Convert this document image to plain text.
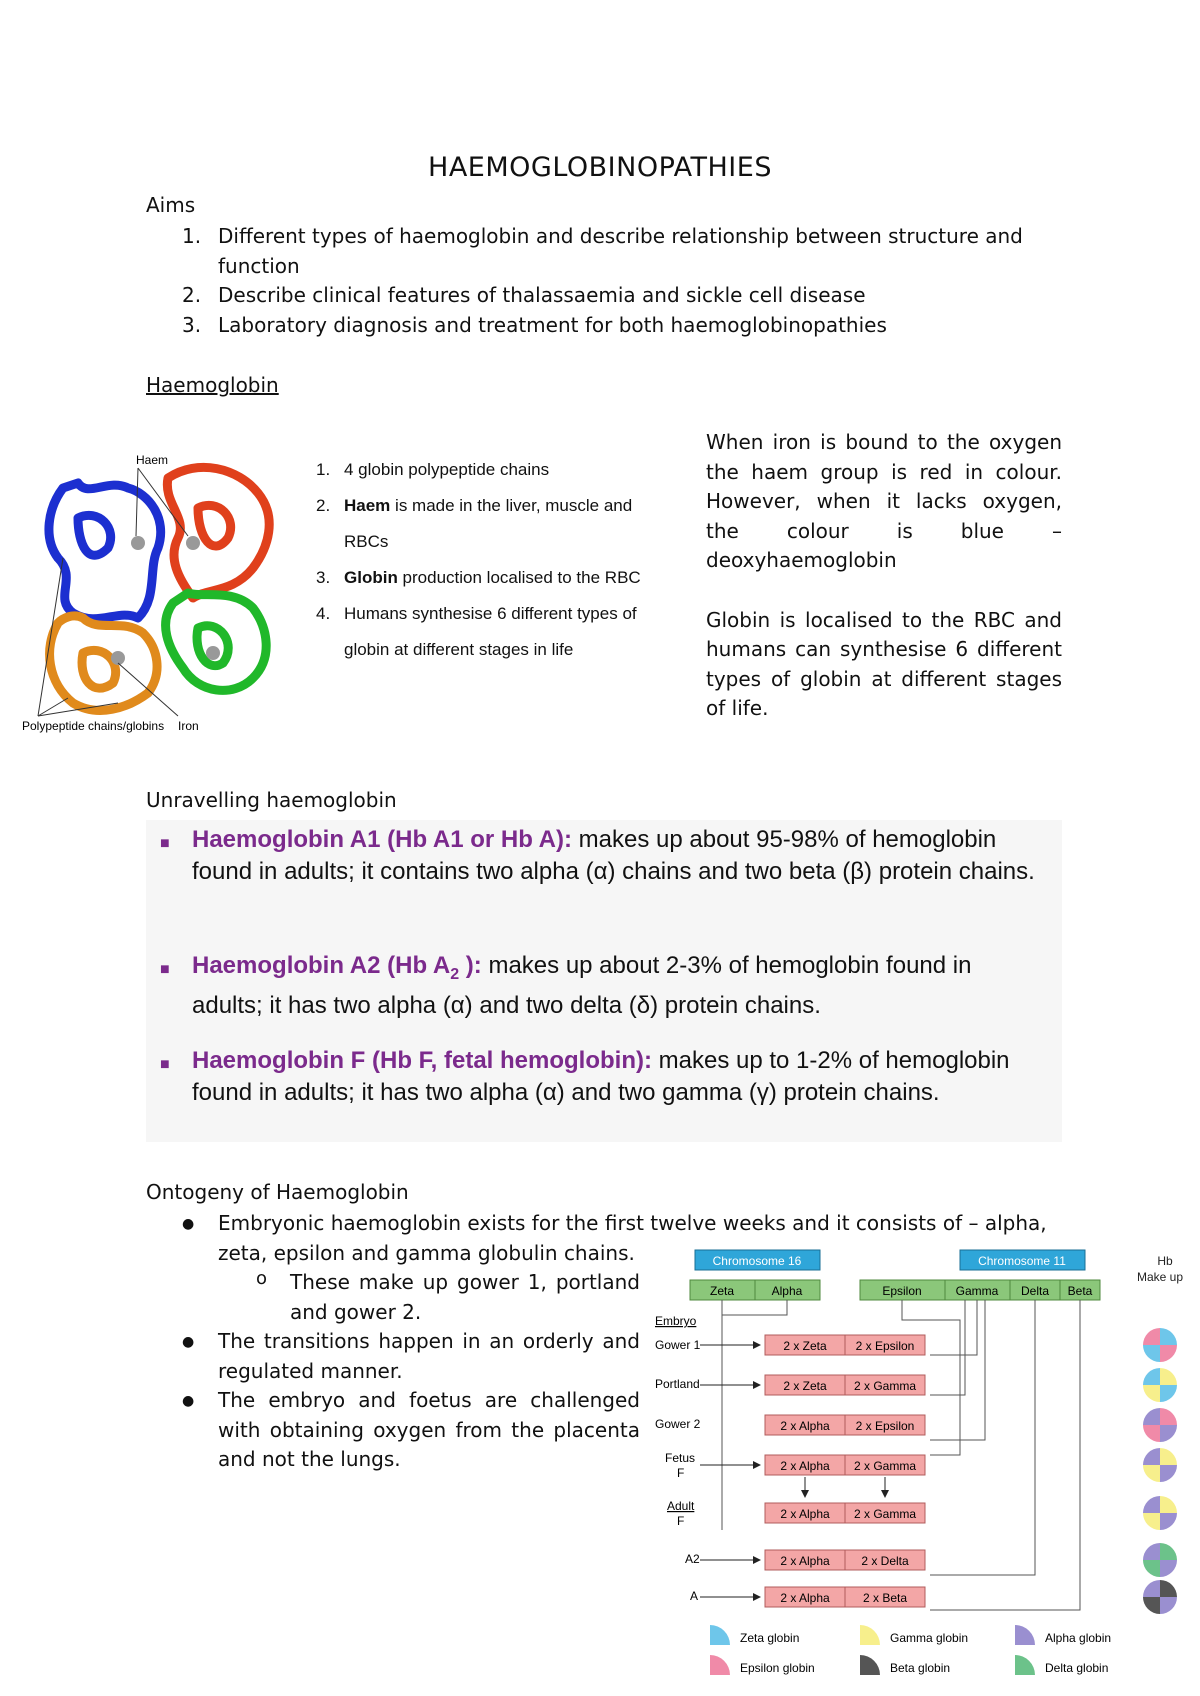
HAEMOGLOBINOPATHIES
Aims
1. Different types of haemoglobin and describe relationship between structure and
function
2. Describe clinical features of thalassaemia and sickle cell disease
3. Laboratory diagnosis and treatment for both haemoglobinopathies
Haemoglobin
Haem
Polypeptide chains/globins Iron
1. 4 globin polypeptide chains
2. Haem is made in the liver, muscle and
RBCs
3. Globin production localised to the RBC
4. Humans synthesise 6 different types of
globin at different stages in life
When iron is bound to the oxygen the haem group is red in colour. However, when it lacks oxygen, the colour is blue – deoxyhaemoglobin
Globin is localised to the RBC and humans can synthesise 6 different types of globin at different stages of life.
Unravelling haemoglobin
■ Haemoglobin A1 (Hb A1 or Hb A): makes up about 95-98% of hemoglobin found in adults; it contains two alpha (α) chains and two beta (β) protein chains.
■ Haemoglobin A2 (Hb $A_2$ ): makes up about 2-3% of hemoglobin found in adults; it has two alpha (α) and two delta (δ) protein chains.
■ Haemoglobin F (Hb F, fetal hemoglobin): makes up to 1-2% of hemoglobin found in adults; it has two alpha (α) and two gamma (γ) protein chains.
Ontogeny of Haemoglobin
Embryonic haemoglobin exists for the first twelve weeks and it consists of – alpha,
zeta, epsilon and gamma globulin chains.
●
o These make up gower 1, portland
and gower 2.
● The transitions happen in an orderly and
regulated manner.
● The embryo and foetus are challenged
with obtaining oxygen from the placenta
and not the lungs.
Chromosome 16	Chromosome 11	Hb
Make up
Zeta	Alpha	Epsilon	Gamma Delta Beta
Embryo
Gower 1	2 x Zeta 2 x Epsilon
Portland	2 x Zeta 2 x Gamma
Gower 2	2 x Alpha 2 x Epsilon
Fetus
F	2 x Alpha 2 x Gamma
Adult
F	2 x Alpha 2 x Gamma
A2	2 x Alpha	2 x Delta
A	2 x Alpha	2 x Beta
Zeta globin	Gamma globin	Alpha globin
Epsilon globin	Beta globin	Delta globin
